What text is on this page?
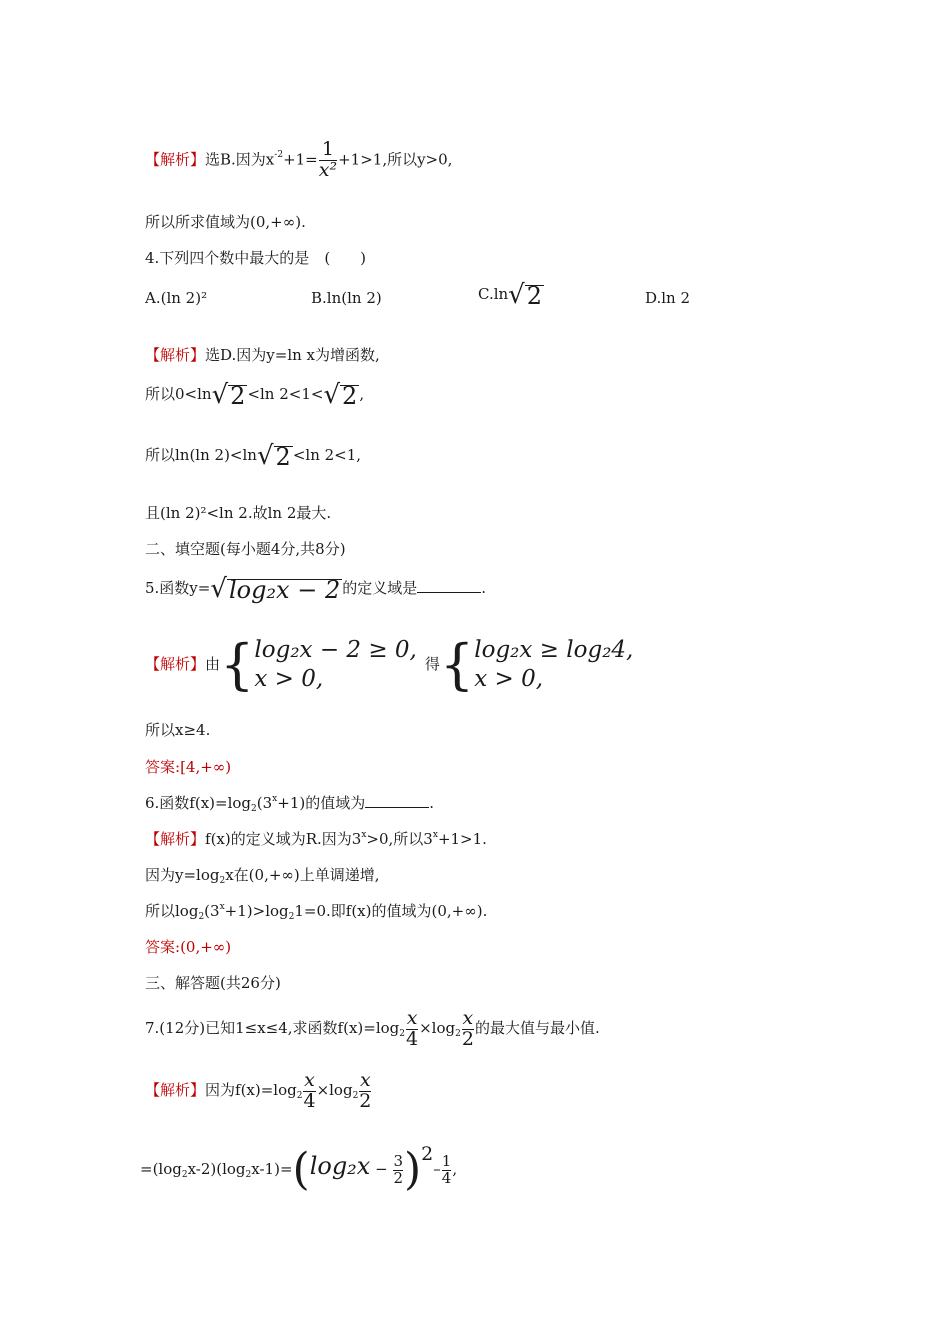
【解析】选B.因为$x^{-2}+1= \frac{1}{\text{x²}} +1>1$,所以y>0,
所以所求值域为(0,+∞).
4.下列四个数中最大的是　(　　)
A.(ln 2)²	B.ln(ln 2)	C.ln√2	D.ln 2
【解析】选D.因为y=ln x为增函数,
所以0<ln√2 <ln 2<1<√2 ,
所以ln(ln 2)<ln√2 <ln 2<1,
且(ln 2)²<ln 2.故ln 2最大.
二、填空题(每小题4分,共8分)
5.函数y=√log₂x − 2 的定义域是	.
【解析】由{ log₂x − 2 ≥ 0,
x > 0,
得{ log₂x ≥ log₂4,
x > 0,
所以x≥4.
答案:[4,+∞)
6.函数$f(x)=\log_2(3^x+1)$的值域为	.
【解析】f(x)的定义域为R.因为$3^x>0$,所以$3^x+1>1$.
因为$y=\log_2x$在(0,+∞)上单调递增,
所以$\log_2(3^x+1)>\log_21=0$.即f(x)的值域为(0,+∞).
答案:(0,+∞)
三、解答题(共26分)
7.(12分)已知1≤x≤4,求函数$f(x)=\log_2 \frac{x}{4} \times\log_2 \frac{x}{2}$ 的最大值与最小值.
【解析】因为$f(x)=\log_2 \frac{x}{4} \times\log_2 \frac{x}{2}$
$=(\log_2x-2)(\log_2x-1)=(\log_2x - \frac{3}{2} )2- \frac{1}{4}$ ,
